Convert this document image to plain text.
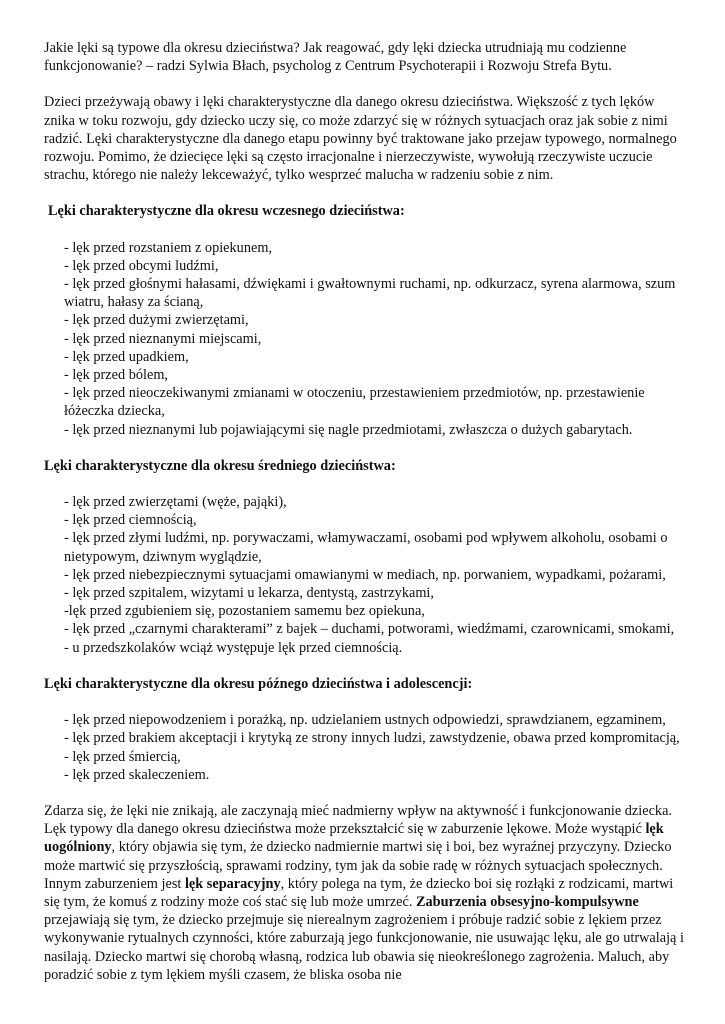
Jakie lęki są typowe dla okresu dzieciństwa? Jak reagować, gdy lęki dziecka utrudniają mu codzienne funkcjonowanie? – radzi Sylwia Błach, psycholog z Centrum Psychoterapii i Rozwoju Strefa Bytu.

Dzieci przeżywają obawy i lęki charakterystyczne dla danego okresu dzieciństwa. Większość z tych lęków znika w toku rozwoju, gdy dziecko uczy się, co może zdarzyć się w różnych sytuacjach oraz jak sobie z nimi radzić. Lęki charakterystyczne dla danego etapu powinny być traktowane jako przejaw typowego, normalnego rozwoju. Pomimo, że dziecięce lęki są często irracjonalne i nierzeczywiste, wywołują rzeczywiste uczucie strachu, którego nie należy lekceważyć, tylko wesprzeć malucha w radzeniu sobie z nim.

Lęki charakterystyczne dla okresu wczesnego dzieciństwa:

- lęk przed rozstaniem z opiekunem,
- lęk przed obcymi ludźmi,
- lęk przed głośnymi hałasami, dźwiękami i gwałtownymi ruchami, np. odkurzacz, syrena alarmowa, szum wiatru, hałasy za ścianą,
- lęk przed dużymi zwierzętami,
- lęk przed nieznanymi miejscami,
- lęk przed upadkiem,
- lęk przed bólem,
- lęk przed nieoczekiwanymi zmianami w otoczeniu, przestawieniem przedmiotów, np. przestawienie łóżeczka dziecka,
- lęk przed nieznanymi lub pojawiającymi się nagle przedmiotami, zwłaszcza o dużych gabarytach.

Lęki charakterystyczne dla okresu średniego dzieciństwa:

- lęk przed zwierzętami (węże, pająki),
- lęk przed ciemnością,
- lęk przed złymi ludźmi, np. porywaczami, włamywaczami, osobami pod wpływem alkoholu, osobami o nietypowym, dziwnym wyglądzie,
- lęk przed niebezpiecznymi sytuacjami omawianymi w mediach, np. porwaniem, wypadkami, pożarami,
- lęk przed szpitalem, wizytami u lekarza, dentystą, zastrzykami,
-lęk przed zgubieniem się, pozostaniem samemu bez opiekuna,
- lęk przed „czarnymi charakterami” z bajek – duchami, potworami, wiedźmami, czarownicami, smokami,
- u przedszkolaków wciąż występuje lęk przed ciemnością.

Lęki charakterystyczne dla okresu późnego dzieciństwa i adolescencji:

- lęk przed niepowodzeniem i porażką, np. udzielaniem ustnych odpowiedzi, sprawdzianem, egzaminem,
- lęk przed brakiem akceptacji i krytyką ze strony innych ludzi, zawstydzenie, obawa przed kompromitacją,
- lęk przed śmiercią,
- lęk przed skaleczeniem.

Zdarza się, że lęki nie znikają, ale zaczynają mieć nadmierny wpływ na aktywność i funkcjonowanie dziecka. Lęk typowy dla danego okresu dzieciństwa może przekształcić się w zaburzenie lękowe. Może wystąpić lęk uogólniony, który objawia się tym, że dziecko nadmiernie martwi się i boi, bez wyraźnej przyczyny. Dziecko może martwić się przyszłością, sprawami rodziny, tym jak da sobie radę w różnych sytuacjach społecznych. Innym zaburzeniem jest lęk separacyjny, który polega na tym, że dziecko boi się rozłąki z rodzicami, martwi się tym, że komuś z rodziny może coś stać się lub może umrzeć. Zaburzenia obsesyjno-kompulsywne przejawiają się tym, że dziecko przejmuje się nierealnym zagrożeniem i próbuje radzić sobie z lękiem przez wykonywanie rytualnych czynności, które zaburzają jego funkcjonowanie, nie usuwając lęku, ale go utrwalają i nasilają. Dziecko martwi się chorobą własną, rodzica lub obawia się nieokreślonego zagrożenia. Maluch, aby poradzić sobie z tym lękiem myśli czasem, że bliska osoba nie
